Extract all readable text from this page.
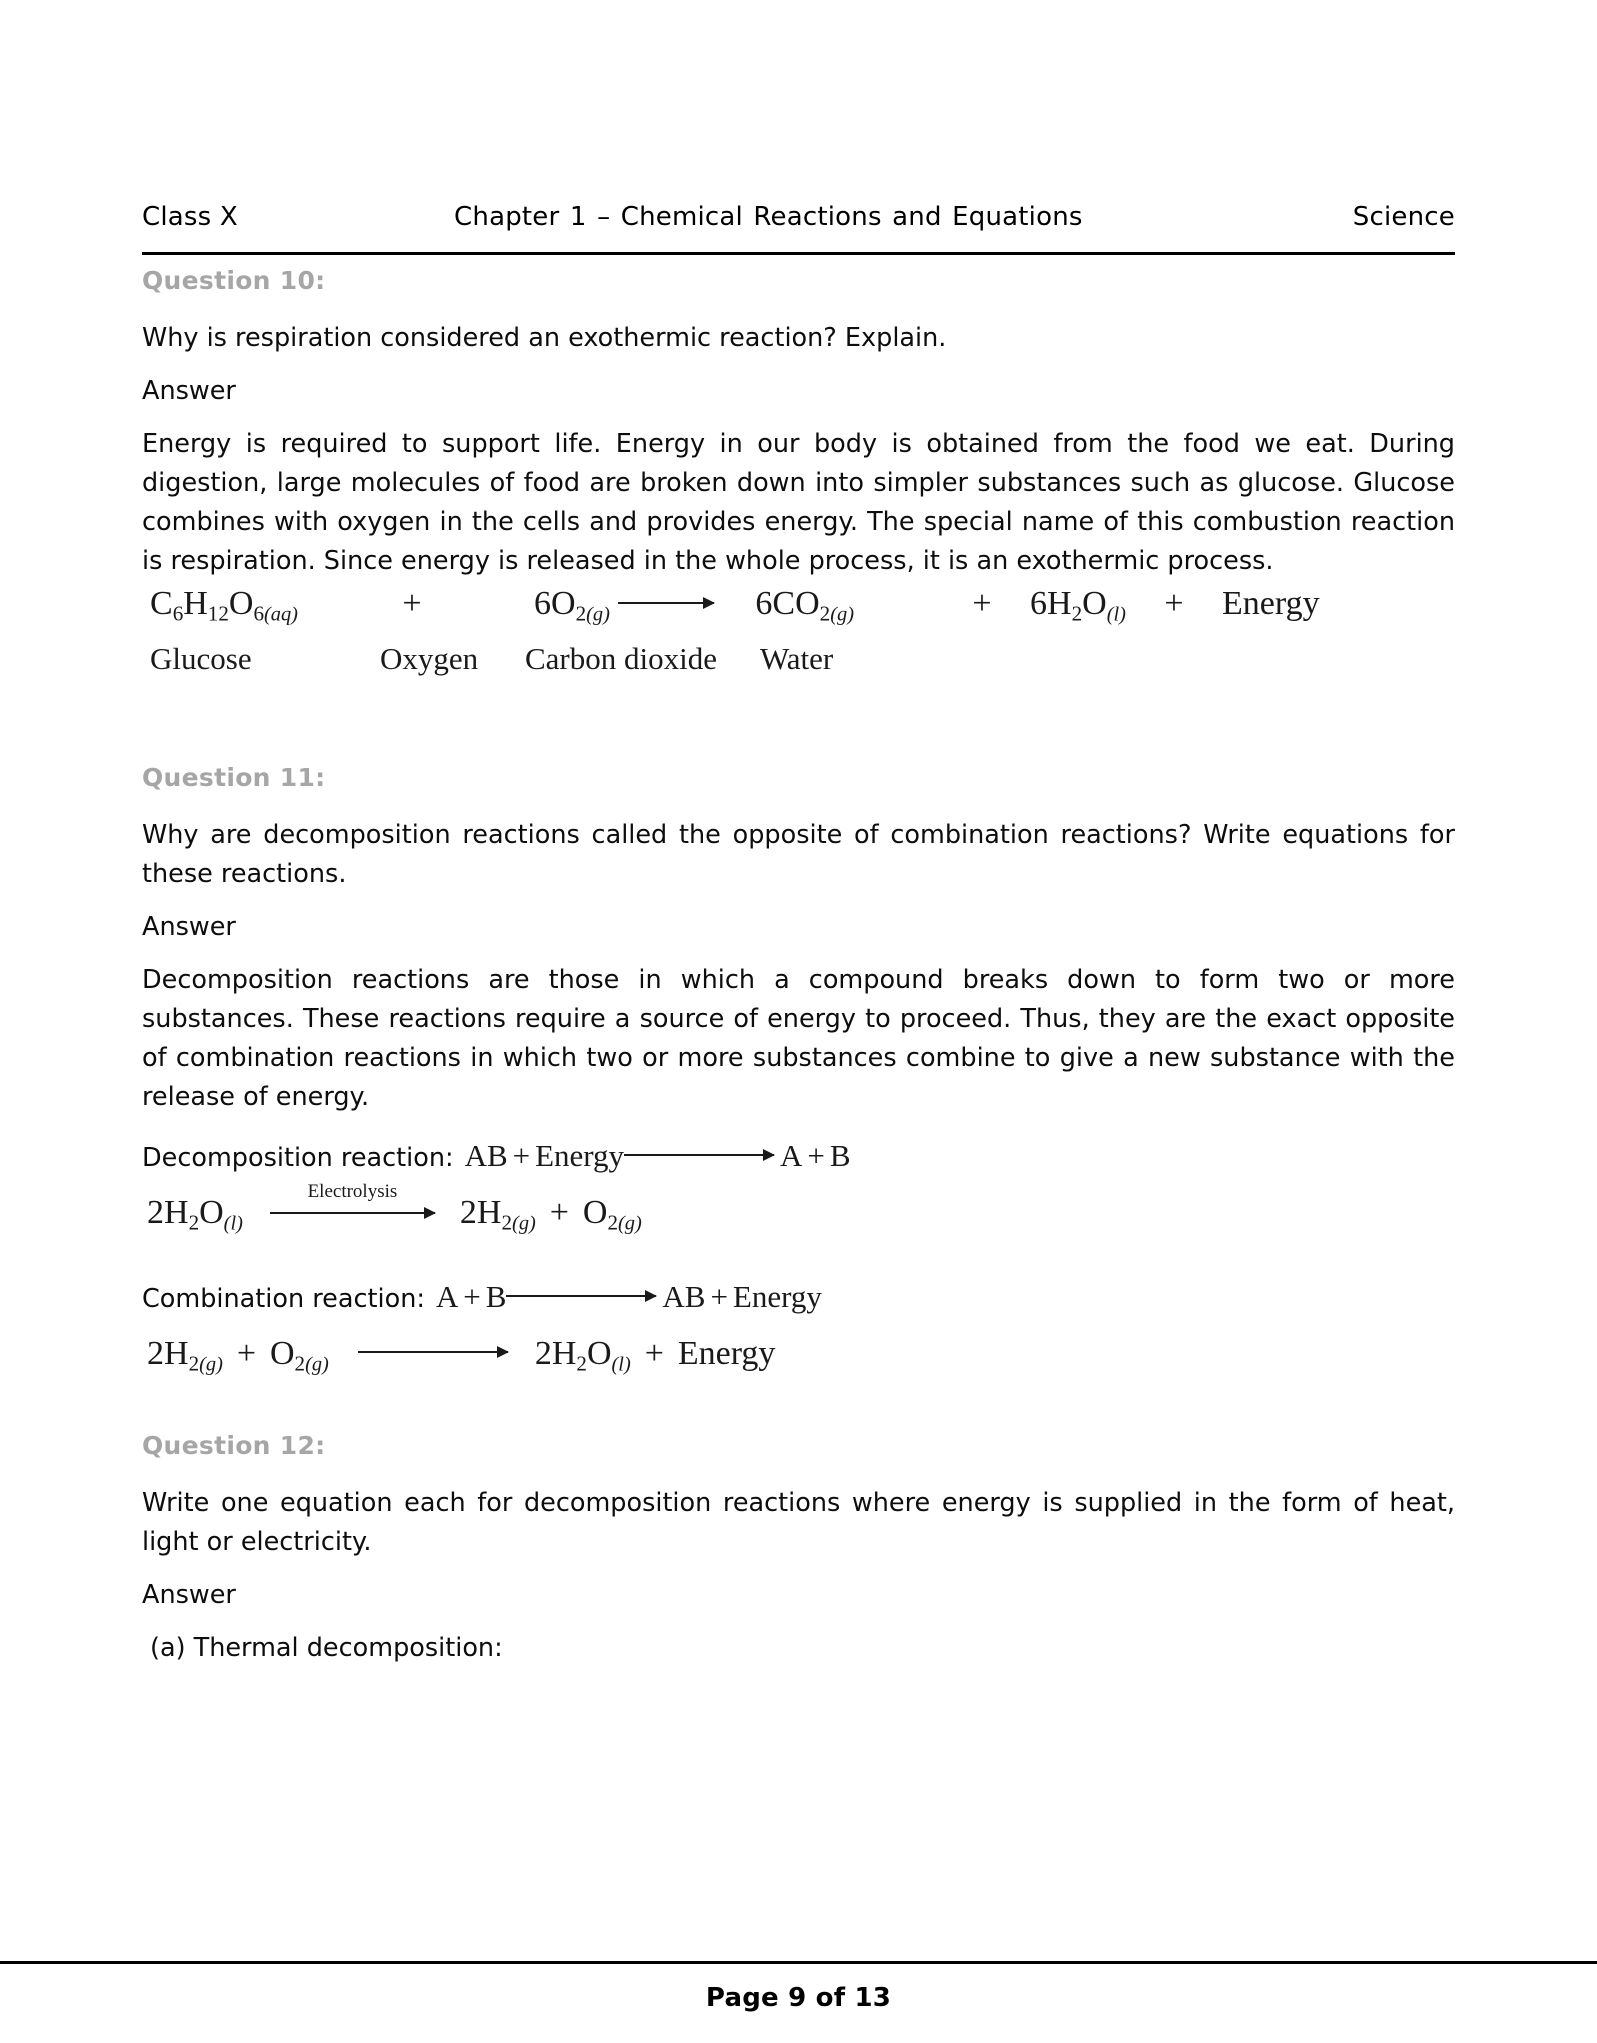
Class X	Chapter 1 – Chemical Reactions and Equations	Science
Question 10:

Why is respiration considered an exothermic reaction? Explain.

Answer

Energy is required to support life. Energy in our body is obtained from the food we eat. During digestion, large molecules of food are broken down into simpler substances such as glucose. Glucose combines with oxygen in the cells and provides energy. The special name of this combustion reaction is respiration. Since energy is released in the whole process, it is an exothermic process.

$C_6H_{12}O_6(aq)$	+	$6O_2(g)$	$6CO_2(g)$	+ $6H_2O(l)$ + Energy
Glucose	Oxygen Carbon dioxide Water
Question 11:

Why are decomposition reactions called the opposite of combination reactions? Write equations for these reactions.

Answer

Decomposition reactions are those in which a compound breaks down to form two or more substances. These reactions require a source of energy to proceed. Thus, they are the exact opposite of combination reactions in which two or more substances combine to give a new substance with the release of energy.

Decomposition reaction: AB + Energy	A + B
$2H_2O(l)$
Electrolysis
$2H_2(g) + O_2(g)$
Combination reaction: A + B	AB + Energy
$2H_2(g) + O_2(g)$	$2H_2O(l)$ + Energy
Question 12:

Write one equation each for decomposition reactions where energy is supplied in the form of heat, light or electricity.

Answer

(a) Thermal decomposition:

Page 9 of 13
